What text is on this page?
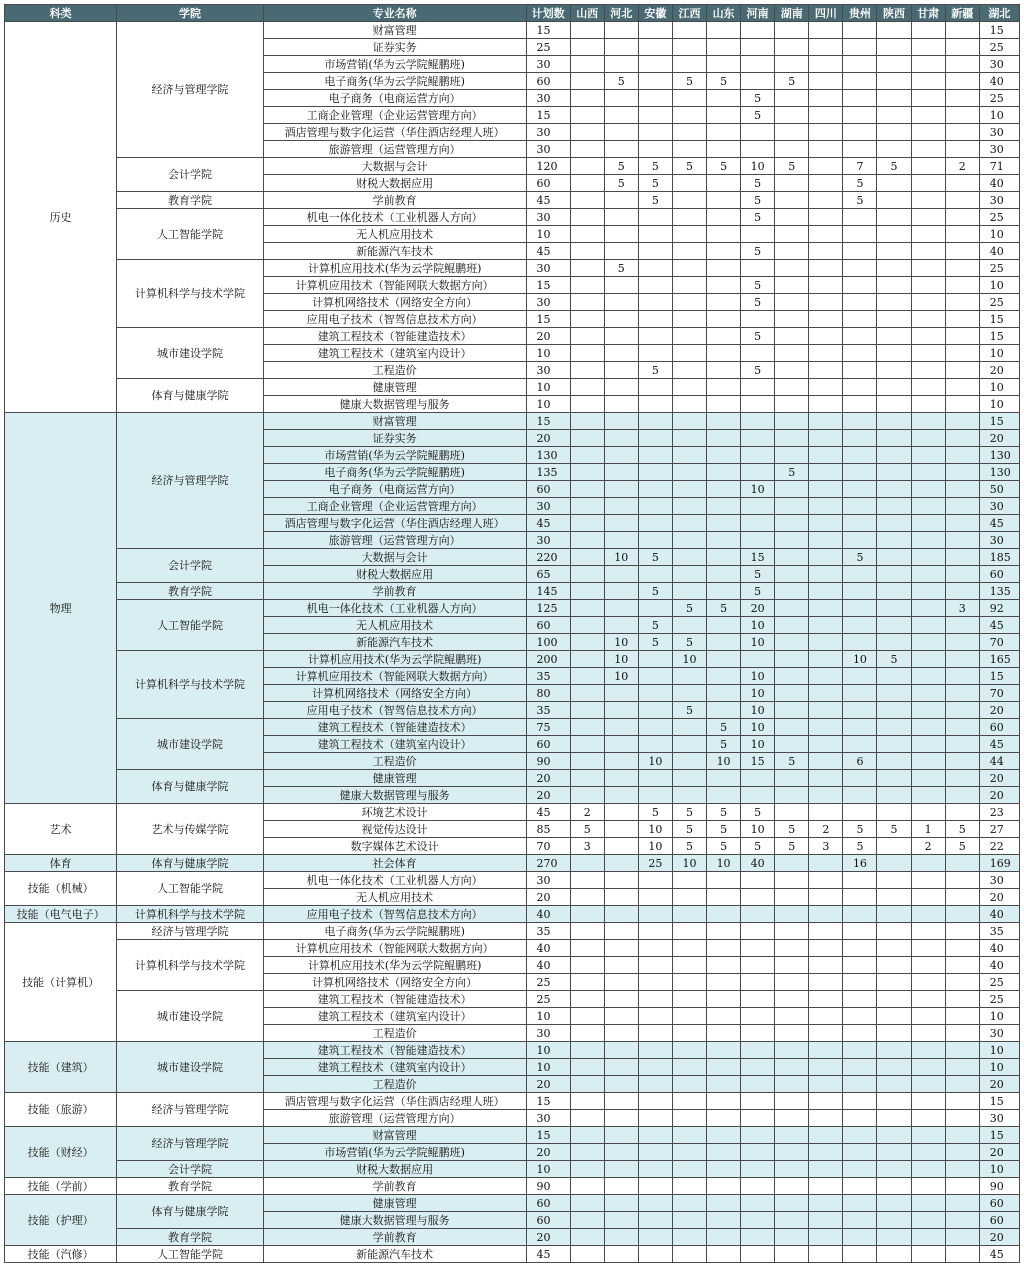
科类	学院	专业名称	计划数	山西	河北	安徽	江西	山东	河南	湖南	四川	贵州	陕西	甘肃	新疆	湖北
历史	经济与管理学院	财富管理	15													15
		证券实务	25													25
		市场营销(华为云学院鲲鹏班)	30													30
		电子商务(华为云学院鲲鹏班)	60		5		5	5		5						40
		电子商务（电商运营方向）	30						5							25
		工商企业管理（企业运营管理方向）	15						5							10
		酒店管理与数字化运营（华住酒店经理人班）	30													30
		旅游管理（运营管理方向）	30													30
	会计学院	大数据与会计	120		5	5	5	5	10	5		7	5		2	71
		财税大数据应用	60		5	5			5			5				40
	教育学院	学前教育	45			5			5			5				30
	人工智能学院	机电一体化技术（工业机器人方向）	30						5							25
		无人机应用技术	10													10
		新能源汽车技术	45						5							40
	计算机科学与技术学院	计算机应用技术(华为云学院鲲鹏班)	30		5											25
		计算机应用技术（智能网联大数据方向）	15						5							10
		计算机网络技术（网络安全方向）	30						5							25
		应用电子技术（智驾信息技术方向）	15													15
	城市建设学院	建筑工程技术（智能建造技术）	20						5							15
		建筑工程技术（建筑室内设计）	10													10
		工程造价	30			5			5							20
	体育与健康学院	健康管理	10													10
		健康大数据管理与服务	10													10
物理	经济与管理学院	财富管理	15													15
		证券实务	20													20
		市场营销(华为云学院鲲鹏班)	130													130
		电子商务(华为云学院鲲鹏班)	135							5						130
		电子商务（电商运营方向）	60						10							50
		工商企业管理（企业运营管理方向）	30													30
		酒店管理与数字化运营（华住酒店经理人班）	45													45
		旅游管理（运营管理方向）	30													30
	会计学院	大数据与会计	220		10	5			15			5				185
		财税大数据应用	65						5							60
	教育学院	学前教育	145			5			5							135
	人工智能学院	机电一体化技术（工业机器人方向）	125				5	5	20						3	92
		无人机应用技术	60			5			10							45
		新能源汽车技术	100		10	5	5		10							70
	计算机科学与技术学院	计算机应用技术(华为云学院鲲鹏班)	200		10		10					10	5			165
		计算机应用技术（智能网联大数据方向）	35		10				10							15
		计算机网络技术（网络安全方向）	80						10							70
		应用电子技术（智驾信息技术方向）	35				5		10							20
	城市建设学院	建筑工程技术（智能建造技术）	75					5	10							60
		建筑工程技术（建筑室内设计）	60					5	10							45
		工程造价	90			10		10	15	5		6				44
	体育与健康学院	健康管理	20													20
		健康大数据管理与服务	20													20
艺术	艺术与传媒学院	环境艺术设计	45	2		5	5	5	5							23
		视觉传达设计	85	5		10	5	5	10	5	2	5	5	1	5	27
		数字媒体艺术设计	70	3		10	5	5	5	5	3	5		2	5	22
体育	体育与健康学院	社会体育	270			25	10	10	40			16				169
技能（机械）	人工智能学院	机电一体化技术（工业机器人方向）	30													30
		无人机应用技术	20													20
技能（电气电子）	计算机科学与技术学院	应用电子技术（智驾信息技术方向）	40													40
技能（计算机）	经济与管理学院	电子商务(华为云学院鲲鹏班)	35													35
	计算机科学与技术学院	计算机应用技术（智能网联大数据方向）	40													40
		计算机应用技术(华为云学院鲲鹏班)	40													40
		计算机网络技术（网络安全方向）	25													25
	城市建设学院	建筑工程技术（智能建造技术）	25													25
		建筑工程技术（建筑室内设计）	10													10
		工程造价	30													30
技能（建筑）	城市建设学院	建筑工程技术（智能建造技术）	10													10
		建筑工程技术（建筑室内设计）	10													10
		工程造价	20													20
技能（旅游）	经济与管理学院	酒店管理与数字化运营（华住酒店经理人班）	15													15
		旅游管理（运营管理方向）	30													30
技能（财经）	经济与管理学院	财富管理	15													15
		市场营销(华为云学院鲲鹏班)	20													20
	会计学院	财税大数据应用	10													10
技能（学前）	教育学院	学前教育	90													90
技能（护理）	体育与健康学院	健康管理	60													60
		健康大数据管理与服务	60													60
	教育学院	学前教育	20													20
技能（汽修）	人工智能学院	新能源汽车技术	45													45
